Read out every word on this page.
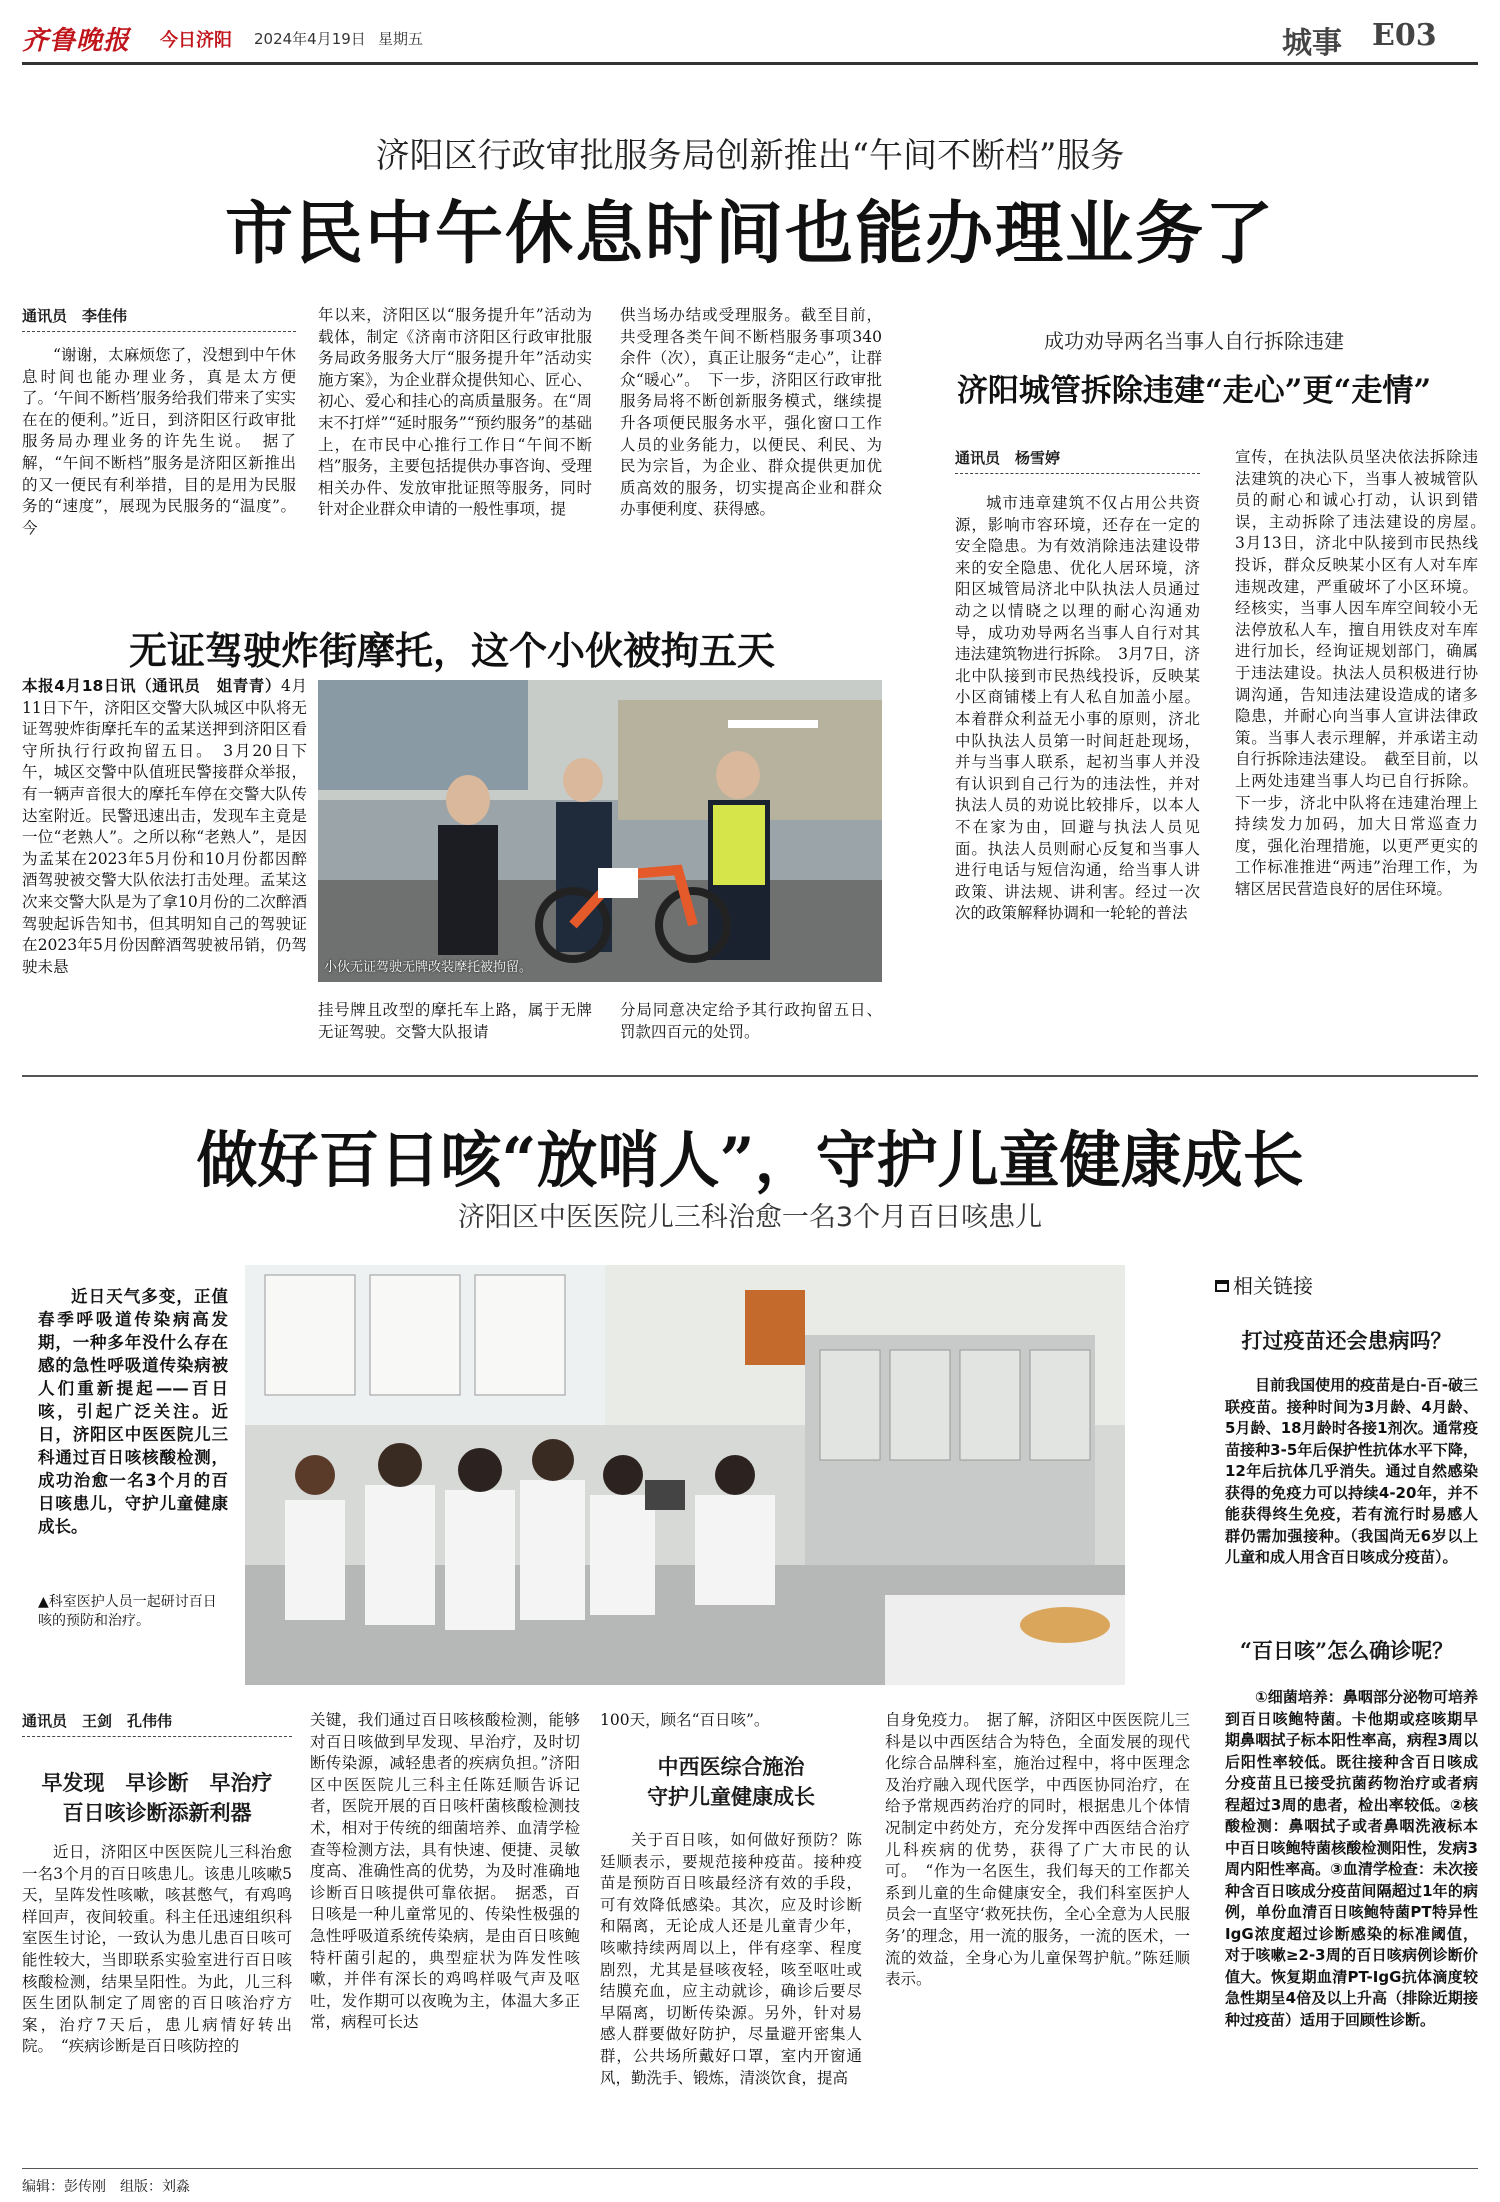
齐鲁晚报 今日济阳 2024年4月19日 星期五	城事 E03
济阳区行政审批服务局创新推出“午间不断档”服务
市民中午休息时间也能办理业务了
通讯员　李佳伟
“谢谢，太麻烦您了，没想到中午休息时间也能办理业务，真是太方便了。‘午间不断档’服务给我们带来了实实在在的便利。”近日，到济阳区行政审批服务局办理业务的许先生说。　据了解，“午间不断档”服务是济阳区新推出的又一便民有利举措，目的是用为民服务的“速度”，展现为民服务的“温度”。今
年以来，济阳区以“服务提升年”活动为载体，制定《济南市济阳区行政审批服务局政务服务大厅“服务提升年”活动实施方案》，为企业群众提供知心、匠心、初心、爱心和挂心的高质量服务。在“周末不打烊”“延时服务”“预约服务”的基础上，在市民中心推行工作日“午间不断档”服务，主要包括提供办事咨询、受理相关办件、发放审批证照等服务，同时针对企业群众申请的一般性事项，提
供当场办结或受理服务。截至目前，共受理各类午间不断档服务事项340余件（次），真正让服务“走心”，让群众“暖心”。　下一步，济阳区行政审批服务局将不断创新服务模式，继续提升各项便民服务水平，强化窗口工作人员的业务能力，以便民、利民、为民为宗旨，为企业、群众提供更加优质高效的服务，切实提高企业和群众办事便利度、获得感。
无证驾驶炸街摩托，这个小伙被拘五天
本报4月18日讯（通讯员　姐青青）4月11日下午，济阳区交警大队城区中队将无证驾驶炸街摩托车的孟某送押到济阳区看守所执行行政拘留五日。　3月20日下午，城区交警中队值班民警接群众举报，有一辆声音很大的摩托车停在交警大队传达室附近。民警迅速出击，发现车主竟是一位“老熟人”。之所以称“老熟人”，是因为孟某在2023年5月份和10月份都因醉酒驾驶被交警大队依法打击处理。孟某这次来交警大队是为了拿10月份的二次醉酒驾驶起诉告知书，但其明知自己的驾驶证在2023年5月份因醉酒驾驶被吊销，仍驾驶未悬	小伙无证驾驶无牌改装摩托被拘留。
挂号牌且改型的摩托车上路，属于无牌无证驾驶。交警大队报请
分局同意决定给予其行政拘留五日、罚款四百元的处罚。
成功劝导两名当事人自行拆除违建
济阳城管拆除违建“走心”更“走情”
通讯员　杨雪婷
城市违章建筑不仅占用公共资源，影响市容环境，还存在一定的安全隐患。为有效消除违法建设带来的安全隐患、优化人居环境，济阳区城管局济北中队执法人员通过动之以情晓之以理的耐心沟通劝导，成功劝导两名当事人自行对其违法建筑物进行拆除。　3月7日，济北中队接到市民热线投诉，反映某小区商铺楼上有人私自加盖小屋。本着群众利益无小事的原则，济北中队执法人员第一时间赶赴现场，并与当事人联系，起初当事人并没有认识到自己行为的违法性，并对执法人员的劝说比较排斥，以本人不在家为由，回避与执法人员见面。执法人员则耐心反复和当事人进行电话与短信沟通，给当事人讲政策、讲法规、讲利害。经过一次次的政策解释协调和一轮轮的普法
宣传，在执法队员坚决依法拆除违法建筑的决心下，当事人被城管队员的耐心和诚心打动，认识到错误，主动拆除了违法建设的房屋。　3月13日，济北中队接到市民热线投诉，群众反映某小区有人对车库违规改建，严重破坏了小区环境。经核实，当事人因车库空间较小无法停放私人车，擅自用铁皮对车库进行加长，经询证规划部门，确属于违法建设。执法人员积极进行协调沟通，告知违法建设造成的诸多隐患，并耐心向当事人宣讲法律政策。当事人表示理解，并承诺主动自行拆除违法建设。　截至目前，以上两处违建当事人均已自行拆除。下一步，济北中队将在违建治理上持续发力加码，加大日常巡查力度，强化治理措施，以更严更实的工作标准推进“两违”治理工作，为辖区居民营造良好的居住环境。
做好百日咳“放哨人”，守护儿童健康成长
济阳区中医医院儿三科治愈一名3个月百日咳患儿
近日天气多变，正值春季呼吸道传染病高发期，一种多年没什么存在感的急性呼吸道传染病被人们重新提起——百日咳，引起广泛关注。近日，济阳区中医医院儿三科通过百日咳核酸检测，成功治愈一名3个月的百日咳患儿，守护儿童健康成长。
▲科室医护人员一起研讨百日咳的预防和治疗。
相关链接
打过疫苗还会患病吗？
目前我国使用的疫苗是白-百-破三联疫苗。接种时间为3月龄、4月龄、5月龄、18月龄时各接1剂次。通常疫苗接种3-5年后保护性抗体水平下降，12年后抗体几乎消失。通过自然感染获得的免疫力可以持续4-20年，并不能获得终生免疫，若有流行时易感人群仍需加强接种。（我国尚无6岁以上儿童和成人用含百日咳成分疫苗）。
“百日咳”怎么确诊呢？
①细菌培养：鼻咽部分泌物可培养到百日咳鲍特菌。卡他期或痉咳期早期鼻咽拭子标本阳性率高，病程3周以后阳性率较低。既往接种含百日咳成分疫苗且已接受抗菌药物治疗或者病程超过3周的患者，检出率较低。②核酸检测：鼻咽拭子或者鼻咽洗液标本中百日咳鲍特菌核酸检测阳性，发病3周内阳性率高。③血清学检查：未次接种含百日咳成分疫苗间隔超过1年的病例，单份血清百日咳鲍特菌PT特异性IgG浓度超过诊断感染的标准阈值，对于咳嗽≥2-3周的百日咳病例诊断价值大。恢复期血清PT-IgG抗体滴度较急性期呈4倍及以上升高（排除近期接种过疫苗）适用于回顾性诊断。
通讯员　王剑　孔伟伟
早发现　早诊断　早治疗
百日咳诊断添新利器
近日，济阳区中医医院儿三科治愈一名3个月的百日咳患儿。该患儿咳嗽5天，呈阵发性咳嗽，咳甚憋气，有鸡鸣样回声，夜间较重。科主任迅速组织科室医生讨论，一致认为患儿患百日咳可能性较大，当即联系实验室进行百日咳核酸检测，结果呈阳性。为此，儿三科医生团队制定了周密的百日咳治疗方案，治疗7天后，患儿病情好转出院。　“疾病诊断是百日咳防控的
关键，我们通过百日咳核酸检测，能够对百日咳做到早发现、早治疗，及时切断传染源，减轻患者的疾病负担。”济阳区中医医院儿三科主任陈廷顺告诉记者，医院开展的百日咳杆菌核酸检测技术，相对于传统的细菌培养、血清学检查等检测方法，具有快速、便捷、灵敏度高、准确性高的优势，为及时准确地诊断百日咳提供可靠依据。　据悉，百日咳是一种儿童常见的、传染性极强的急性呼吸道系统传染病，是由百日咳鲍特杆菌引起的，典型症状为阵发性咳嗽，并伴有深长的鸡鸣样吸气声及呕吐，发作期可以夜晚为主，体温大多正常，病程可长达
100天，顾名“百日咳”。
中西医综合施治
守护儿童健康成长
关于百日咳，如何做好预防？陈廷顺表示，要规范接种疫苗。接种疫苗是预防百日咳最经济有效的手段，可有效降低感染。其次，应及时诊断和隔离，无论成人还是儿童青少年，咳嗽持续两周以上，伴有痉挛、程度剧烈，尤其是昼咳夜轻，咳至呕吐或结膜充血，应主动就诊，确诊后要尽早隔离，切断传染源。另外，针对易感人群要做好防护，尽量避开密集人群，公共场所戴好口罩，室内开窗通风，勤洗手、锻炼，清淡饮食，提高
自身免疫力。　据了解，济阳区中医医院儿三科是以中西医结合为特色，全面发展的现代化综合品牌科室，施治过程中，将中医理念及治疗融入现代医学，中西医协同治疗，在给予常规西药治疗的同时，根据患儿个体情况制定中药处方，充分发挥中西医结合治疗儿科疾病的优势，获得了广大市民的认可。　“作为一名医生，我们每天的工作都关系到儿童的生命健康安全，我们科室医护人员会一直坚守‘救死扶伤，全心全意为人民服务’的理念，用一流的服务，一流的医术，一流的效益，全身心为儿童保驾护航。”陈廷顺表示。
编辑：彭传刚　组版：刘淼
